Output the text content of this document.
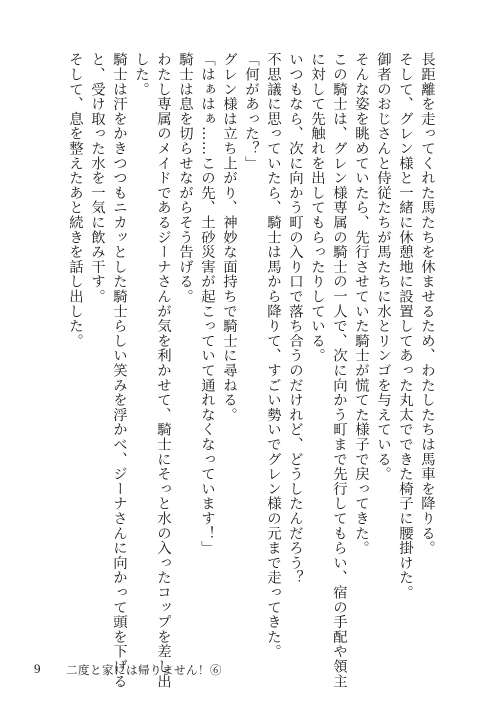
長距離を走ってくれた馬たちを休ませるため、わたしたちは馬車を降りる。
そして、グレン様と一緒に休憩地に設置してあった丸太でできた椅子に腰掛けた。
御者のおじさんと侍従たちが馬たちに水とリンゴを与えている。
そんな姿を眺めていたら、先行させていた騎士が慌てた様子で戻ってきた。
この騎士は、グレン様専属の騎士の一人で、次に向かう町まで先行してもらい、宿の手配や領主
に対して先触れを出してもらったりしている。
いつもなら、次に向かう町の入り口で落ち合うのだけれど、どうしたんだろう？
不思議に思っていたら、騎士は馬から降りて、すごい勢いでグレン様の元まで走ってきた。
「何があった？」
グレン様は立ち上がり、神妙な面持ちで騎士に尋ねる。
「はぁはぁ……この先、土砂災害が起こっていて通れなくなっています！」
騎士は息を切らせながらそう告げる。
わたし専属のメイドであるジーナさんが気を利かせて、騎士にそっと水の入ったコップを差し出
した。
騎士は汗をかきつつもニカッとした騎士らしい笑みを浮かべ、ジーナさんに向かって頭を下げる
と、受け取った水を一気に飲み干す。
そして、息を整えたあと続きを話し出した。
9 二度と家には帰りません！⑥
